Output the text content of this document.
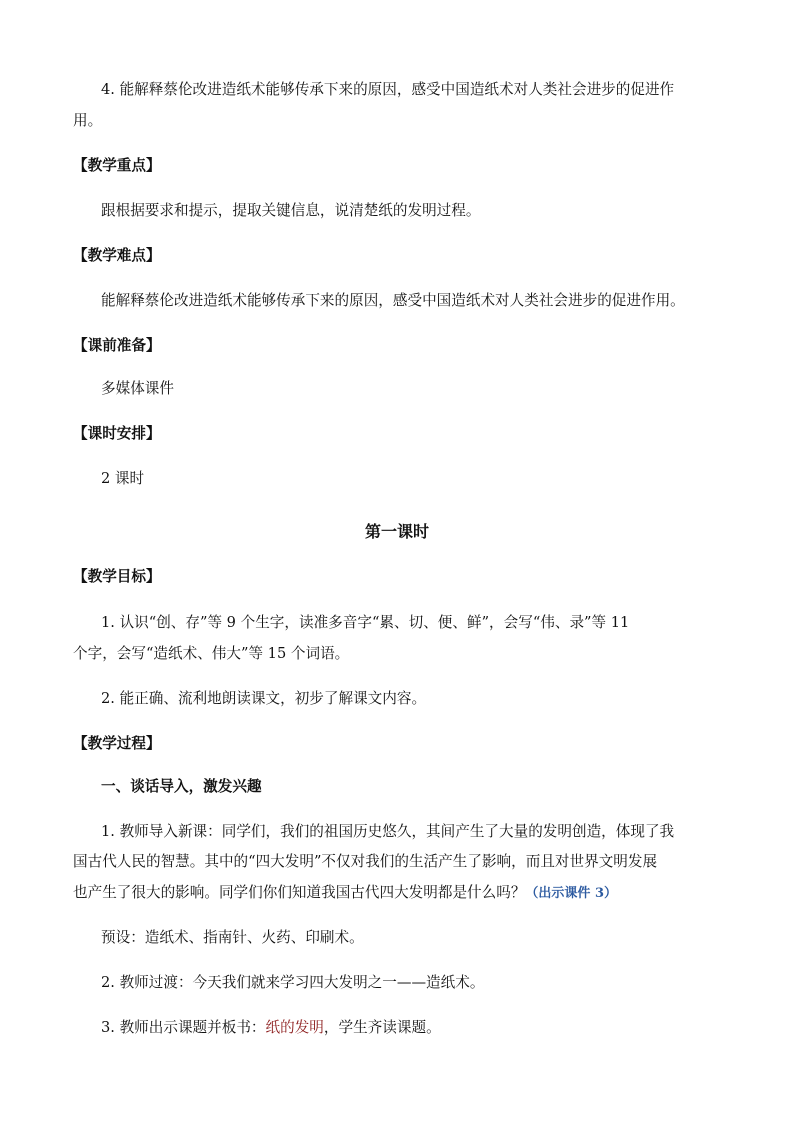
4. 能解释蔡伦改进造纸术能够传承下来的原因，感受中国造纸术对人类社会进步的促进作
用。
【教学重点】
跟根据要求和提示，提取关键信息，说清楚纸的发明过程。
【教学难点】
能解释蔡伦改进造纸术能够传承下来的原因，感受中国造纸术对人类社会进步的促进作用。
【课前准备】
多媒体课件
【课时安排】
2 课时
第一课时
【教学目标】
1. 认识“创、存”等 9 个生字，读准多音字“累、切、便、鲜”，会写“伟、录”等 11
个字，会写“造纸术、伟大”等 15 个词语。
2. 能正确、流利地朗读课文，初步了解课文内容。
【教学过程】
一、谈话导入，激发兴趣
1. 教师导入新课：同学们，我们的祖国历史悠久，其间产生了大量的发明创造，体现了我
国古代人民的智慧。其中的“四大发明”不仅对我们的生活产生了影响，而且对世界文明发展
也产生了很大的影响。同学们你们知道我国古代四大发明都是什么吗？（出示课件 3）
预设：造纸术、指南针、火药、印刷术。
2. 教师过渡：今天我们就来学习四大发明之一——造纸术。
3. 教师出示课题并板书：纸的发明，学生齐读课题。
